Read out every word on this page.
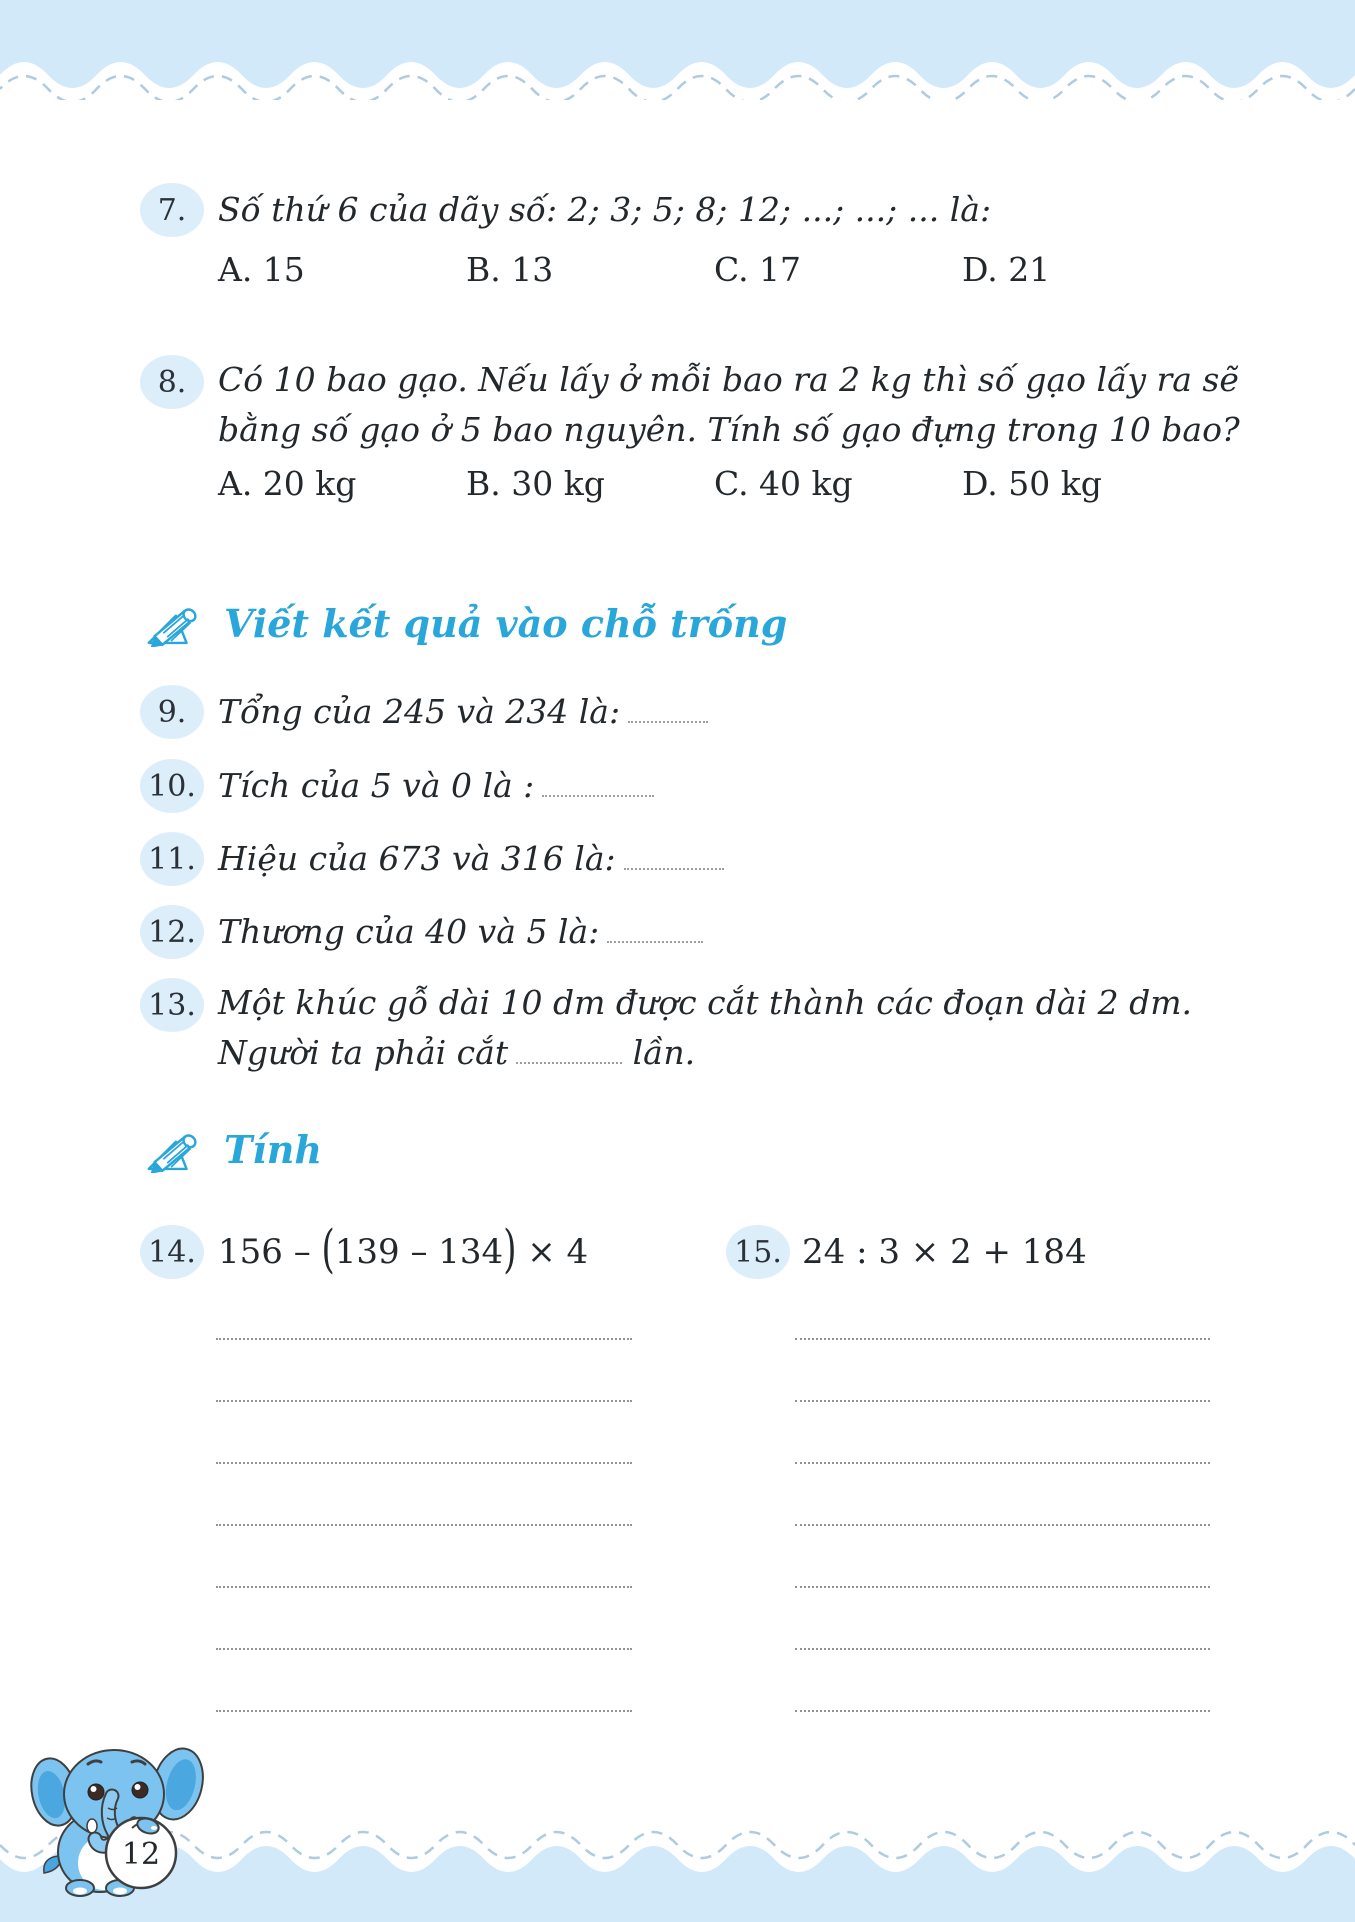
7. Số thứ 6 của dãy số: 2; 3; 5; 8; 12; ...; ...; ... là:
A. 15	B. 13	C. 17	D. 21
8. Có 10 bao gạo. Nếu lấy ở mỗi bao ra 2 kg thì số gạo lấy ra sẽ bằng số gạo ở 5 bao nguyên. Tính số gạo đựng trong 10 bao?
A. 20 kg	B. 30 kg	C. 40 kg	D. 50 kg
Viết kết quả vào chỗ trống
9. Tổng của 245 và 234 là:
10. Tích của 5 và 0 là :
11. Hiệu của 673 và 316 là:
12. Thương của 40 và 5 là:
13. Một khúc gỗ dài 10 dm được cắt thành các đoạn dài 2 dm. Người ta phải cắt	lần.
Tính
14. 156 – (139 – 134) × 4	15. 24 : 3 × 2 + 184
12
